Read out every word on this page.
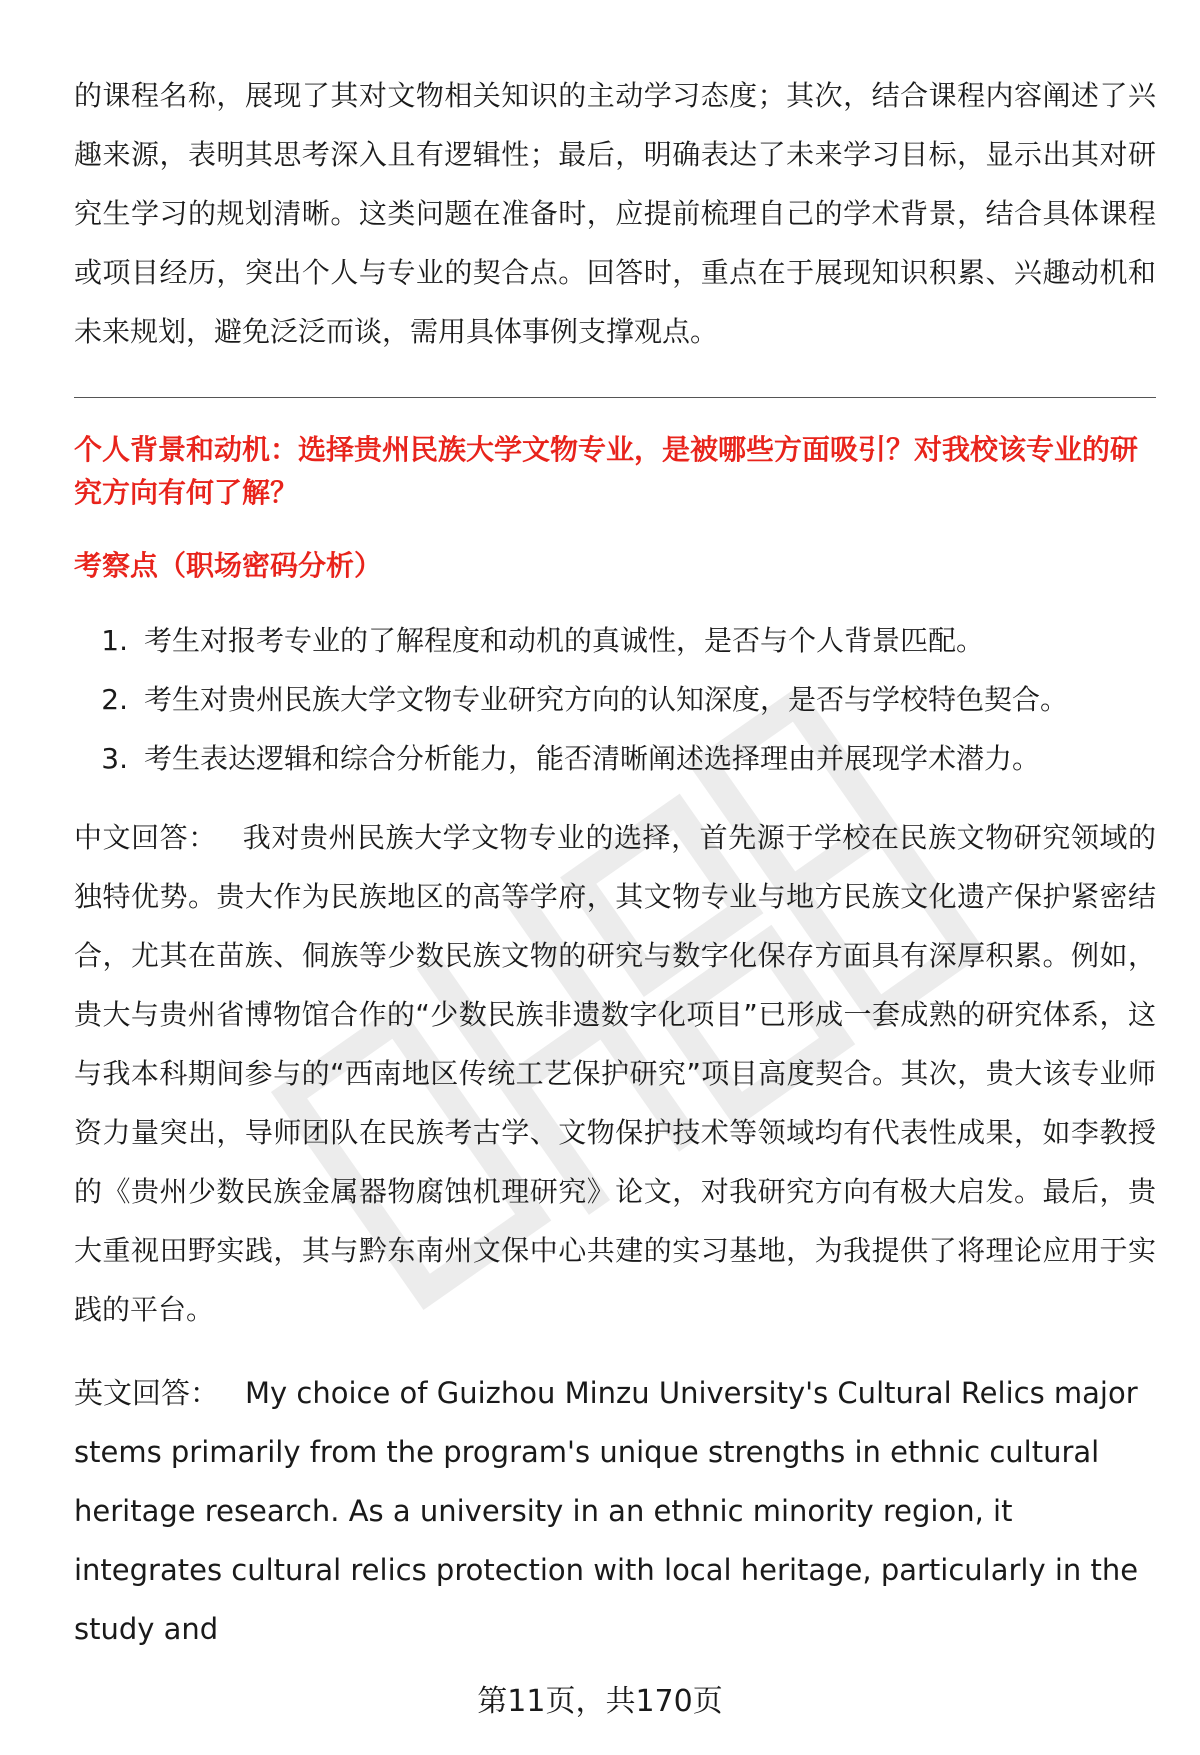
的课程名称，展现了其对文物相关知识的主动学习态度；其次，结合课程内容阐述了兴趣来源，表明其思考深入且有逻辑性；最后，明确表达了未来学习目标，显示出其对研究生学习的规划清晰。这类问题在准备时，应提前梳理自己的学术背景，结合具体课程或项目经历，突出个人与专业的契合点。回答时，重点在于展现知识积累、兴趣动机和未来规划，避免泛泛而谈，需用具体事例支撑观点。

个人背景和动机：选择贵州民族大学文物专业，是被哪些方面吸引？对我校该专业的研究方向有何了解？

考察点（职场密码分析）

1. 考生对报考专业的了解程度和动机的真诚性，是否与个人背景匹配。
2. 考生对贵州民族大学文物专业研究方向的认知深度，是否与学校特色契合。
3. 考生表达逻辑和综合分析能力，能否清晰阐述选择理由并展现学术潜力。

中文回答： 我对贵州民族大学文物专业的选择，首先源于学校在民族文物研究领域的独特优势。贵大作为民族地区的高等学府，其文物专业与地方民族文化遗产保护紧密结合，尤其在苗族、侗族等少数民族文物的研究与数字化保存方面具有深厚积累。例如，贵大与贵州省博物馆合作的“少数民族非遗数字化项目”已形成一套成熟的研究体系，这与我本科期间参与的“西南地区传统工艺保护研究”项目高度契合。其次，贵大该专业师资力量突出，导师团队在民族考古学、文物保护技术等领域均有代表性成果，如李教授的《贵州少数民族金属器物腐蚀机理研究》论文，对我研究方向有极大启发。最后，贵大重视田野实践，其与黔东南州文保中心共建的实习基地，为我提供了将理论应用于实践的平台。

英文回答： My choice of Guizhou Minzu University's Cultural Relics major stems primarily from the program's unique strengths in ethnic cultural heritage research. As a university in an ethnic minority region, it integrates cultural relics protection with local heritage, particularly in the study and

第11页，共170页
